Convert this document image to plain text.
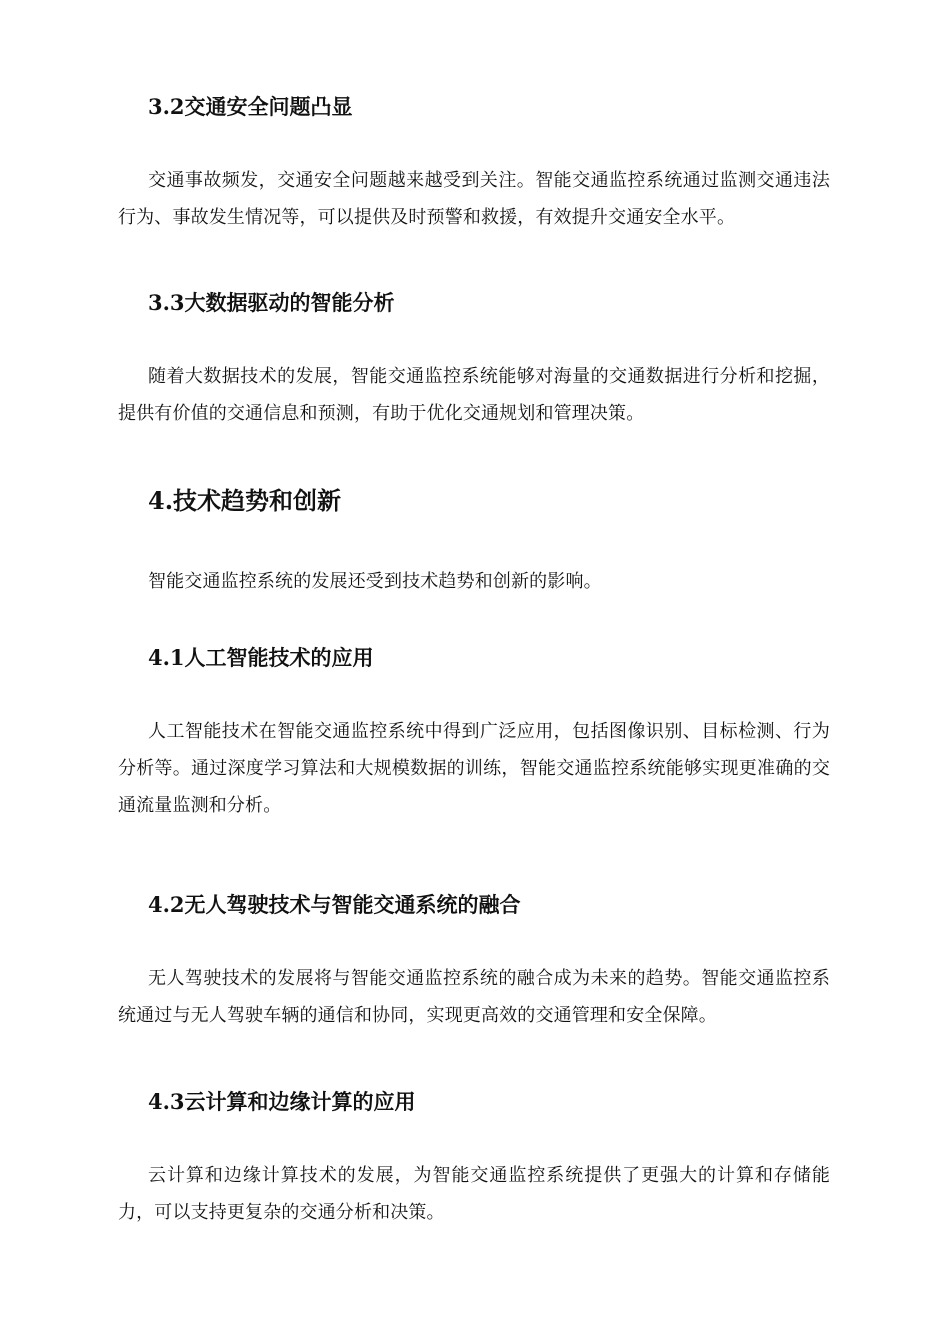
3.2交通安全问题凸显

交通事故频发，交通安全问题越来越受到关注。智能交通监控系统通过监测交通违法行为、事故发生情况等，可以提供及时预警和救援，有效提升交通安全水平。

3.3大数据驱动的智能分析

随着大数据技术的发展，智能交通监控系统能够对海量的交通数据进行分析和挖掘，提供有价值的交通信息和预测，有助于优化交通规划和管理决策。

4.技术趋势和创新

智能交通监控系统的发展还受到技术趋势和创新的影响。

4.1人工智能技术的应用

人工智能技术在智能交通监控系统中得到广泛应用，包括图像识别、目标检测、行为分析等。通过深度学习算法和大规模数据的训练，智能交通监控系统能够实现更准确的交通流量监测和分析。

4.2无人驾驶技术与智能交通系统的融合

无人驾驶技术的发展将与智能交通监控系统的融合成为未来的趋势。智能交通监控系统通过与无人驾驶车辆的通信和协同，实现更高效的交通管理和安全保障。

4.3云计算和边缘计算的应用

云计算和边缘计算技术的发展，为智能交通监控系统提供了更强大的计算和存储能力，可以支持更复杂的交通分析和决策。
